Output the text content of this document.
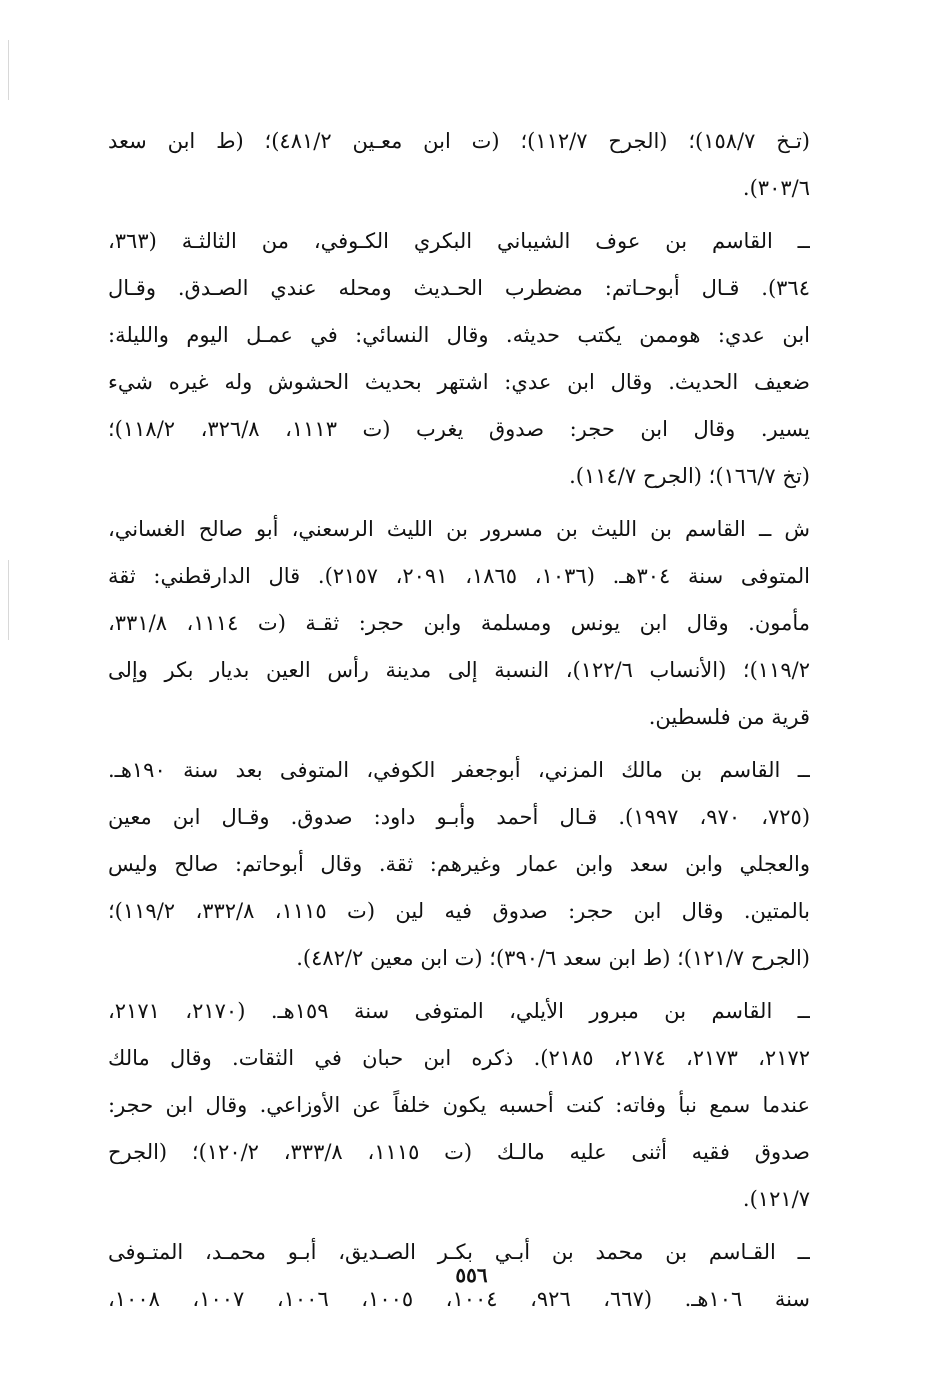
(تـخ ١٥٨/٧)؛ (الجرح ١١٢/٧)؛ (ت ابن معـين ٤٨١/٢)؛ (ط ابن سعد
٣٠٣/٦).
ــ القاسم بن عوف الشيباني البكري الكـوفي، من الثالثـة (٣٦٣،
٣٦٤). قـال أبوحـاتم: مضطرب الحـديث ومحله عندي الصـدق. وقـال
ابن عدي: هوممن يكتب حديثه. وقال النسائي: في عمـل اليوم والليلة:
ضعيف الحديث. وقال ابن عدي: اشتهر بحديث الحشوش وله غيره شيء
يسير. وقال ابن حجر: صدوق يغرب (ت ١١١٣، ٣٢٦/٨، ١١٨/٢)؛
(تخ ١٦٦/٧)؛ (الجرح ١١٤/٧).
ش ــ القاسم بن الليث بن مسرور بن الليث الرسعني، أبو صالح الغساني،
المتوفى سنة ٣٠٤هـ. (١٠٣٦، ١٨٦٥، ٢٠٩١، ٢١٥٧). قال الدارقطني: ثقة
مأمون. وقال ابن يونس ومسلمة وابن حجر: ثقـة (ت ١١١٤، ٣٣١/٨،
١١٩/٢)؛ (الأنساب ١٢٢/٦)، النسبة إلى مدينة رأس العين بديار بكر وإلى
قرية من فلسطين.
ــ القاسم بن مالك المزني، أبوجعفر الكوفي، المتوفى بعد سنة ١٩٠هـ.
(٧٢٥، ٩٧٠، ١٩٩٧). قـال أحمد وأبـو داود: صدوق. وقـال ابن معين
والعجلي وابن سعد وابن عمار وغيرهم: ثقة. وقال أبوحاتم: صالح وليس
بالمتين. وقال ابن حجر: صدوق فيه لين (ت ١١١٥، ٣٣٢/٨، ١١٩/٢)؛
(الجرح ١٢١/٧)؛ (ط ابن سعد ٣٩٠/٦)؛ (ت ابن معين ٤٨٢/٢).
ــ القاسم بن مبرور الأيلي، المتوفى سنة ١٥٩هـ. (٢١٧٠، ٢١٧١،
٢١٧٢، ٢١٧٣، ٢١٧٤، ٢١٨٥). ذكره ابن حبان في الثقات. وقال مالك
عندما سمع نبأ وفاته: كنت أحسبه يكون خلفاً عن الأوزاعي. وقال ابن حجر:
صدوق فقيه أثنى عليه مالـك (ت ١١١٥، ٣٣٣/٨، ١٢٠/٢)؛ (الجرح
١٢١/٧).
ــ القـاسم بن محمد بن أبـي بكـر الصـديق، أبـو محمـد، المتـوفى
سنة ١٠٦هـ. (٦٦٧، ٩٢٦، ١٠٠٤، ١٠٠٥، ١٠٠٦، ١٠٠٧، ١٠٠٨،
٥٥٦
